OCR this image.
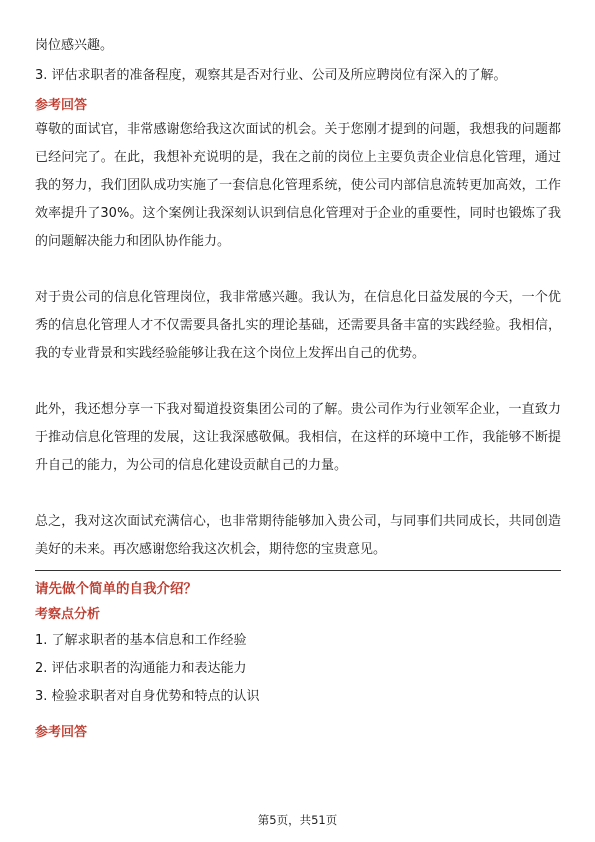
岗位感兴趣。

3. 评估求职者的准备程度，观察其是否对行业、公司及所应聘岗位有深入的了解。

参考回答

尊敬的面试官，非常感谢您给我这次面试的机会。关于您刚才提到的问题，我想我的问题都已经问完了。在此，我想补充说明的是，我在之前的岗位上主要负责企业信息化管理，通过我的努力，我们团队成功实施了一套信息化管理系统，使公司内部信息流转更加高效，工作效率提升了30%。这个案例让我深刻认识到信息化管理对于企业的重要性，同时也锻炼了我的问题解决能力和团队协作能力。

对于贵公司的信息化管理岗位，我非常感兴趣。我认为，在信息化日益发展的今天，一个优秀的信息化管理人才不仅需要具备扎实的理论基础，还需要具备丰富的实践经验。我相信，我的专业背景和实践经验能够让我在这个岗位上发挥出自己的优势。

此外，我还想分享一下我对蜀道投资集团公司的了解。贵公司作为行业领军企业，一直致力于推动信息化管理的发展，这让我深感敬佩。我相信，在这样的环境中工作，我能够不断提升自己的能力，为公司的信息化建设贡献自己的力量。

总之，我对这次面试充满信心，也非常期待能够加入贵公司，与同事们共同成长，共同创造美好的未来。再次感谢您给我这次机会，期待您的宝贵意见。

请先做个简单的自我介绍？

考察点分析

1. 了解求职者的基本信息和工作经验

2. 评估求职者的沟通能力和表达能力

3. 检验求职者对自身优势和特点的认识

参考回答

第5页，共51页
